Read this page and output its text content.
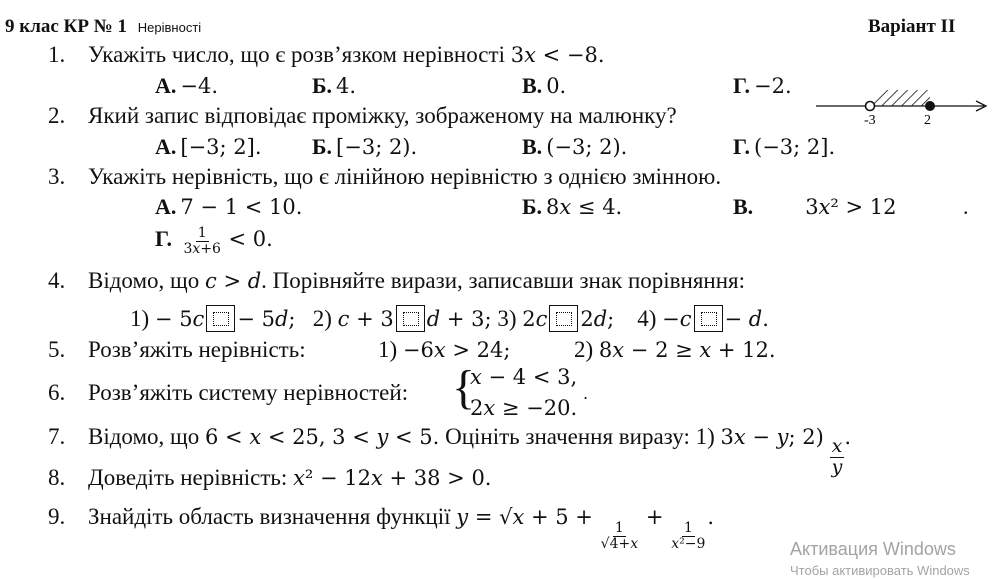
9 клас КР № 1 Нерівності	Варіант ІІ
1. Укажіть число, що є розв’язком нерівності 3𝑥 < −8.
А. −4.	Б. 4.	В. 0.	Г. −2.
2. Який запис відповідає проміжку, зображеному на малюнку?	-3	2
А. [−3; 2]. Б. [−3; 2).	В. (−3; 2).	Г. (−3; 2].
3. Укажіть нерівність, що є лінійною нерівністю з однією змінною.
А. 7 − 1 < 10.	Б. 8𝑥 ≤ 4.	В. 3𝑥² > 12	.
Г. $\frac{1}{\text{3𝑥+6}} < 0$.
4. Відомо, що 𝑐 > 𝑑. Порівняйте вирази, записавши знак порівняння:
1) − 5𝑐 − 5𝑑; 2) 𝑐 + 3 𝑑 + 3; 3) 2𝑐 2𝑑; 4) −𝑐 − 𝑑.
5. Розв’яжіть нерівність:	1) −6𝑥 > 24;	2) 8𝑥 − 2 ≥ 𝑥 + 12.
6. Розв’яжіть систему нерівностей: {
𝑥 − 4 < 3,
2𝑥 ≥ −20.
.
7. Відомо, що 6 < 𝑥 < 25, 3 < 𝑦 < 5. Оцініть значення виразу: 1) 3𝑥 − 𝑦; $2) \frac{\text{𝑥}}{\text{𝑦}}$ .
8. Доведіть нерівність: 𝑥² − 12𝑥 + 38 > 0.
9. Знайдіть область визначення функції 𝑦 = √𝑥 + 5 +
$\frac{1}{\text{√4+𝑥}}$
+
$\frac{1}{\text{𝑥²−9}}$
.
Активация Windows
Чтобы активировать Windows
